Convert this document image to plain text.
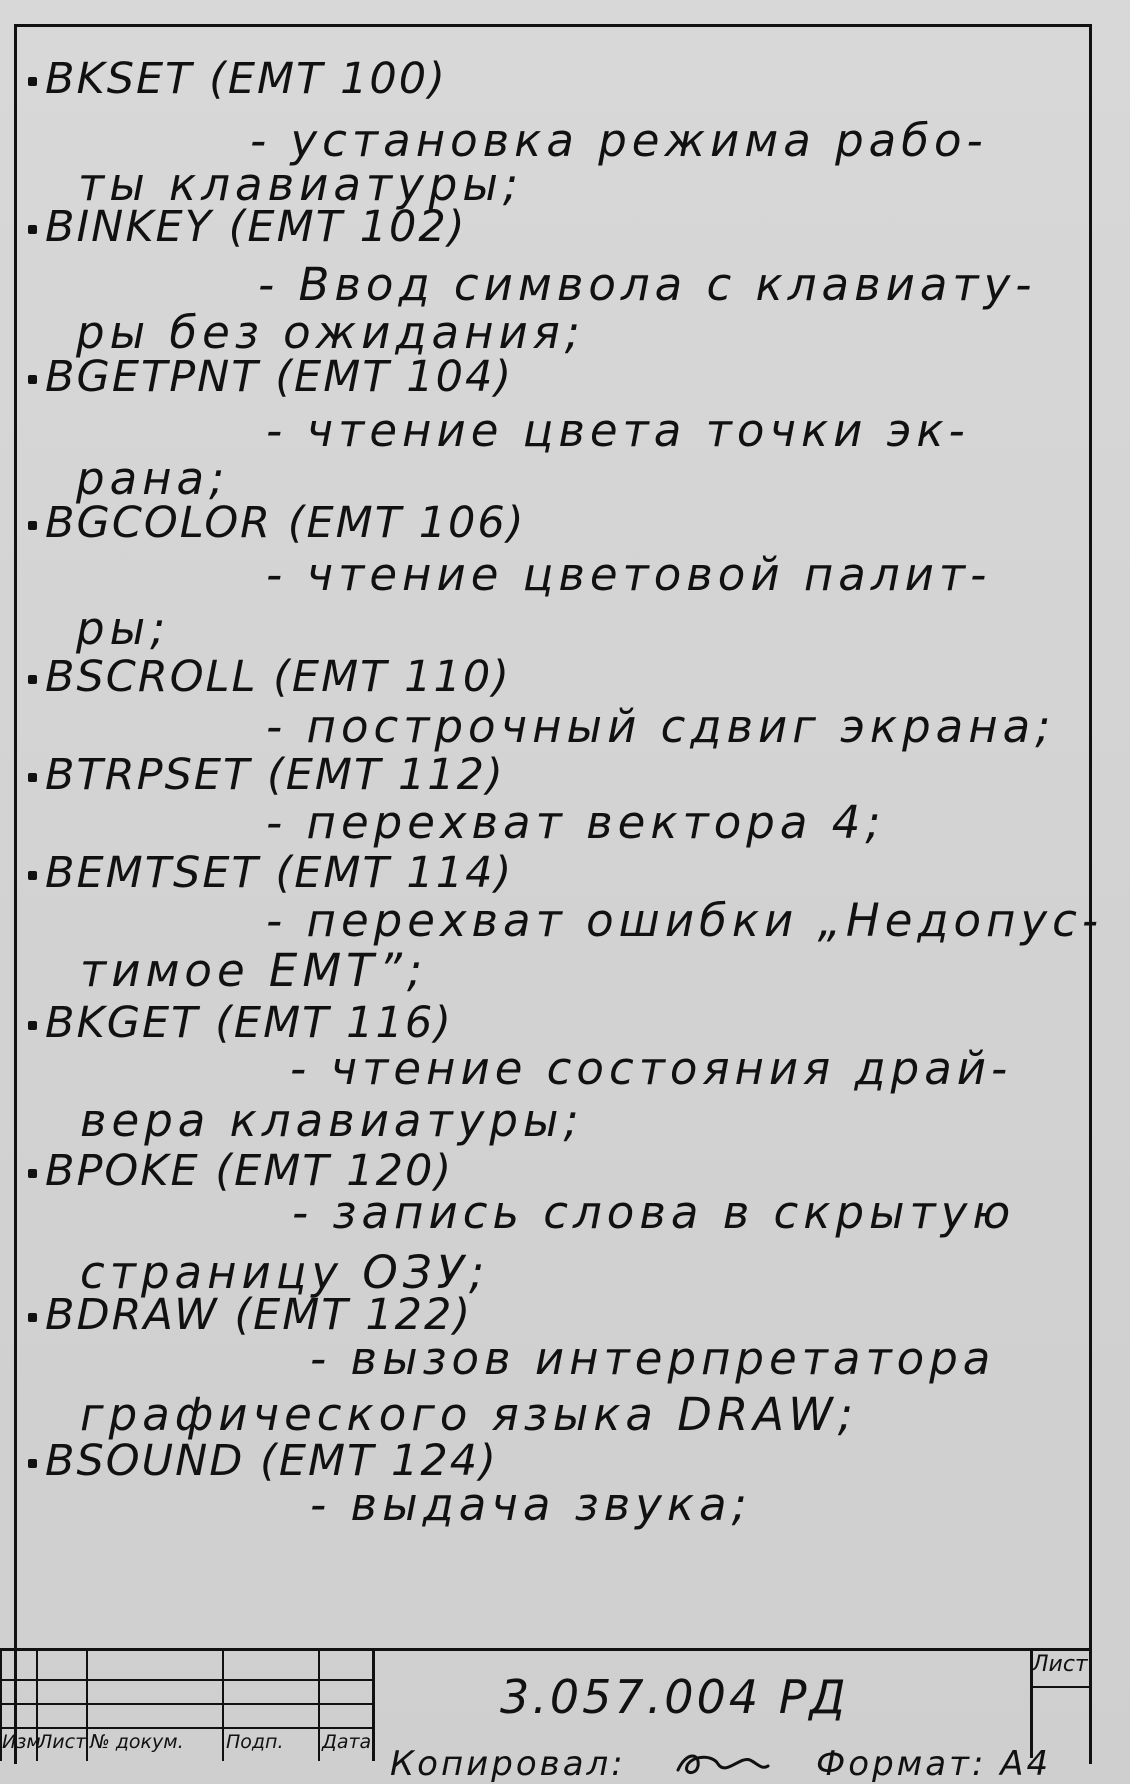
BKSET (EMT 100)
- установка режима рабо-
ты клавиатуры;
BINKEY (EMT 102)
- Ввод символа с клавиату-
ры без ожидания;
BGETPNT (EMT 104)
- чтение цвета точки эк-
рана;
BGCOLOR (EMT 106)
- чтение цветовой палит-
ры;
BSCROLL (EMT 110)
- построчный сдвиг экрана;
BTRPSET (EMT 112)
- перехват вектора 4;
BEMTSET (EMT 114)
- перехват ошибки „Недопус-
тимое EMT”;
BKGET (EMT 116)
- чтение состояния драй-
вера клавиатуры;
BPOKE (EMT 120)
- запись слова в скрытую
страницу ОЗУ;
BDRAW (EMT 122)
- вызов интерпретатора
графического языка DRAW;
BSOUND (EMT 124)
- выдача звука;
Изм
Лист № докум. Подп. Дата
3.057.004 РД
Лист
Копировал:	Формат: А4
